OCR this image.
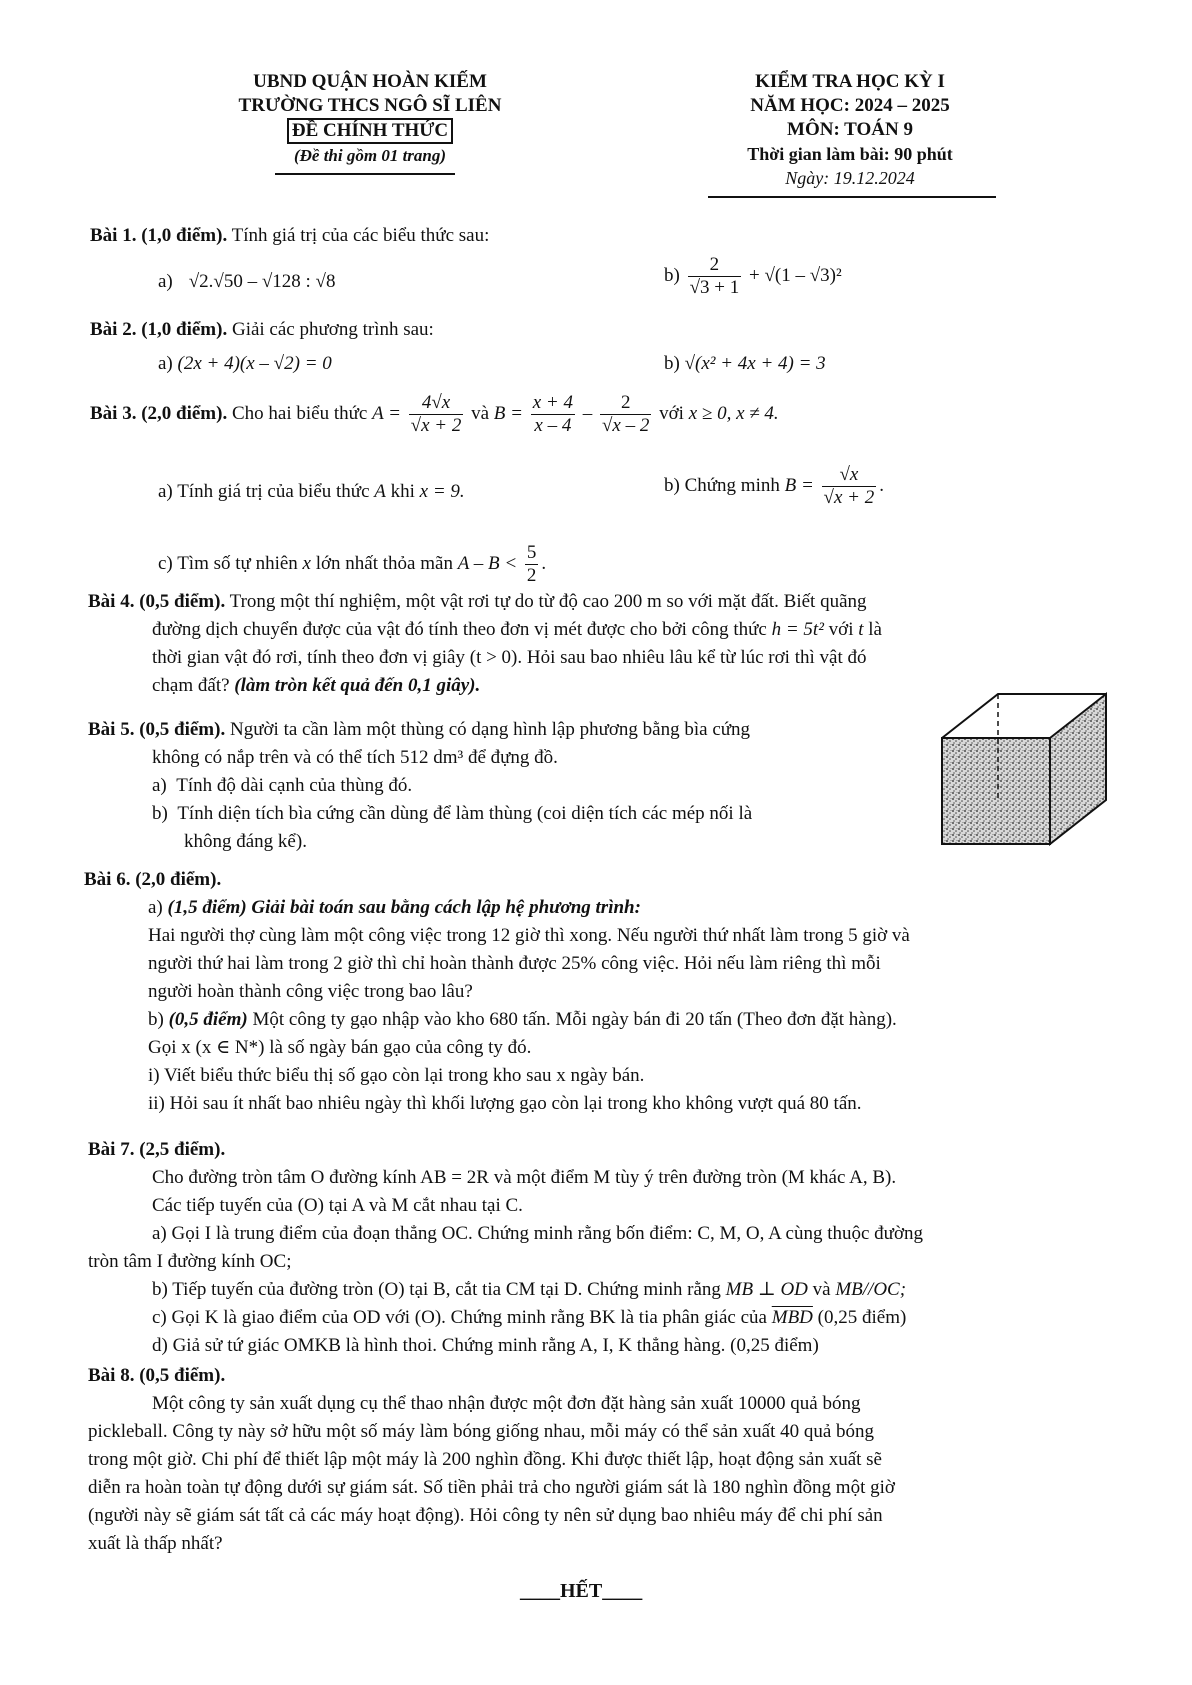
UBND QUẬN HOÀN KIẾM
TRƯỜNG THCS NGÔ SĨ LIÊN
ĐỀ CHÍNH THỨC
(Đề thi gồm 01 trang)
KIỂM TRA HỌC KỲ I
NĂM HỌC: 2024 – 2025
MÔN: TOÁN 9
Thời gian làm bài: 90 phút
Ngày: 19.12.2024
Bài 1. (1,0 điểm). Tính giá trị của các biểu thức sau:
a) √2.√50 – √128 : √8	$b) \frac{2}{√3 + 1} + √(1 - √3)^2$
Bài 2. (1,0 điểm). Giải các phương trình sau:
a) (2x + 4)(x – √2) = 0	b) √(x² + 4x + 4) = 3
Bài 3. (2,0 điểm). Cho hai biểu thức $A = \frac{4√x}{√x + 2}$ và $B = \frac{x + 4}{x - 4} - \frac{2}{√x - 2}$ với x ≥ 0, x ≠ 4.
a) Tính giá trị của biểu thức A khi x = 9.	b) Chứng minh $B = \frac{√x}{√x + 2}$ .
c) Tìm số tự nhiên x lớn nhất thỏa mãn $A - B < \frac{5}{2}$ .
Bài 4. (0,5 điểm). Trong một thí nghiệm, một vật rơi tự do từ độ cao 200 m so với mặt đất. Biết quãng
đường dịch chuyển được của vật đó tính theo đơn vị mét được cho bởi công thức h = 5t² với t là
thời gian vật đó rơi, tính theo đơn vị giây (t > 0). Hỏi sau bao nhiêu lâu kể từ lúc rơi thì vật đó
chạm đất? (làm tròn kết quả đến 0,1 giây).
Bài 5. (0,5 điểm). Người ta cần làm một thùng có dạng hình lập phương bằng bìa cứng
không có nắp trên và có thể tích 512 dm³ để đựng đồ.
a) Tính độ dài cạnh của thùng đó.
b) Tính diện tích bìa cứng cần dùng để làm thùng (coi diện tích các mép nối là
không đáng kể).
Bài 6. (2,0 điểm).
a) (1,5 điểm) Giải bài toán sau bằng cách lập hệ phương trình:
Hai người thợ cùng làm một công việc trong 12 giờ thì xong. Nếu người thứ nhất làm trong 5 giờ và
người thứ hai làm trong 2 giờ thì chỉ hoàn thành được 25% công việc. Hỏi nếu làm riêng thì mỗi
người hoàn thành công việc trong bao lâu?
b) (0,5 điểm) Một công ty gạo nhập vào kho 680 tấn. Mỗi ngày bán đi 20 tấn (Theo đơn đặt hàng).
Gọi x (x ∈ N*) là số ngày bán gạo của công ty đó.
i) Viết biểu thức biểu thị số gạo còn lại trong kho sau x ngày bán.
ii) Hỏi sau ít nhất bao nhiêu ngày thì khối lượng gạo còn lại trong kho không vượt quá 80 tấn.
Bài 7. (2,5 điểm).
Cho đường tròn tâm O đường kính AB = 2R và một điểm M tùy ý trên đường tròn (M khác A, B).
Các tiếp tuyến của (O) tại A và M cắt nhau tại C.
a) Gọi I là trung điểm của đoạn thẳng OC. Chứng minh rằng bốn điểm: C, M, O, A cùng thuộc đường
tròn tâm I đường kính OC;
b) Tiếp tuyến của đường tròn (O) tại B, cắt tia CM tại D. Chứng minh rằng MB ⊥ OD và MB//OC;
c) Gọi K là giao điểm của OD với (O). Chứng minh rằng BK là tia phân giác của $\overline{MBD}$ (0,25 điểm)
d) Giả sử tứ giác OMKB là hình thoi. Chứng minh rằng A, I, K thẳng hàng. (0,25 điểm)
Bài 8. (0,5 điểm).
Một công ty sản xuất dụng cụ thể thao nhận được một đơn đặt hàng sản xuất 10000 quả bóng
pickleball. Công ty này sở hữu một số máy làm bóng giống nhau, mỗi máy có thể sản xuất 40 quả bóng
trong một giờ. Chi phí để thiết lập một máy là 200 nghìn đồng. Khi được thiết lập, hoạt động sản xuất sẽ
diễn ra hoàn toàn tự động dưới sự giám sát. Số tiền phải trả cho người giám sát là 180 nghìn đồng một giờ
(người này sẽ giám sát tất cả các máy hoạt động). Hỏi công ty nên sử dụng bao nhiêu máy để chi phí sản
xuất là thấp nhất?
____HẾT____
